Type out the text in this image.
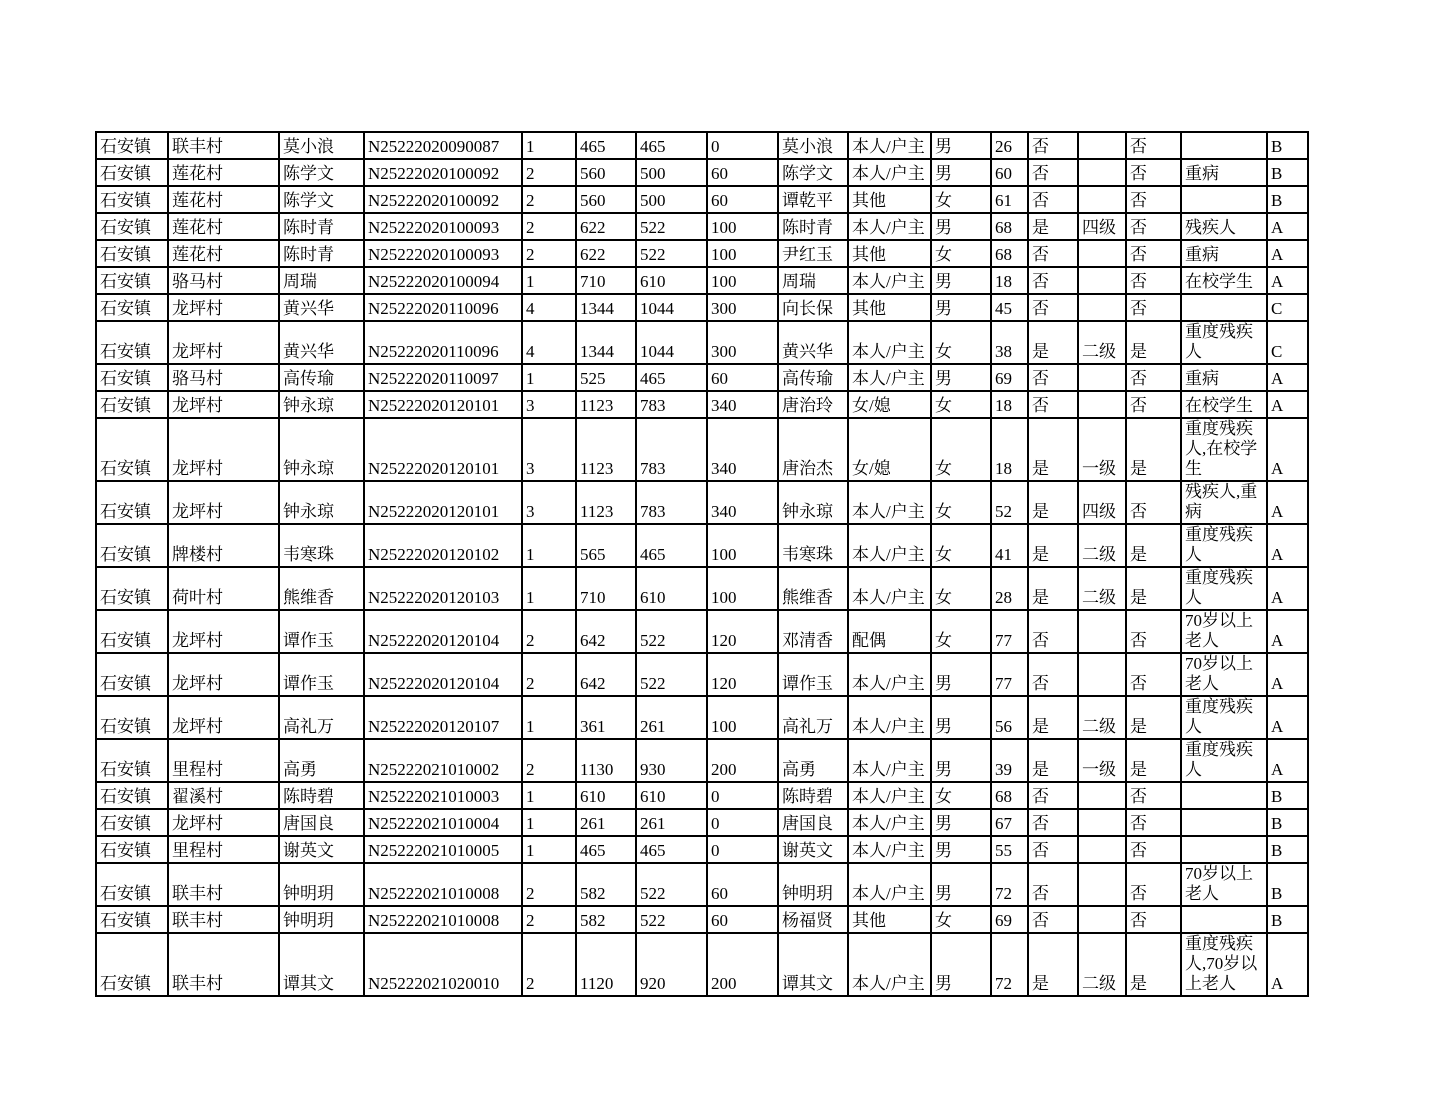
石安镇	联丰村	莫小浪	N25222020090087	1	465	465	0	莫小浪	本人/户主	男	26	否		否		B
石安镇	莲花村	陈学文	N25222020100092	2	560	500	60	陈学文	本人/户主	男	60	否		否	重病	B
石安镇	莲花村	陈学文	N25222020100092	2	560	500	60	谭乾平	其他	女	61	否		否		B
石安镇	莲花村	陈时青	N25222020100093	2	622	522	100	陈时青	本人/户主	男	68	是	四级	否	残疾人	A
石安镇	莲花村	陈时青	N25222020100093	2	622	522	100	尹红玉	其他	女	68	否		否	重病	A
石安镇	骆马村	周瑞	N25222020100094	1	710	610	100	周瑞	本人/户主	男	18	否		否	在校学生	A
石安镇	龙坪村	黄兴华	N25222020110096	4	1344	1044	300	向长保	其他	男	45	否		否		C
石安镇	龙坪村	黄兴华	N25222020110096	4	1344	1044	300	黄兴华	本人/户主	女	38	是	二级	是	重度残疾人	C
石安镇	骆马村	高传瑜	N25222020110097	1	525	465	60	高传瑜	本人/户主	男	69	否		否	重病	A
石安镇	龙坪村	钟永琼	N25222020120101	3	1123	783	340	唐治玲	女/媳	女	18	否		否	在校学生	A
石安镇	龙坪村	钟永琼	N25222020120101	3	1123	783	340	唐治杰	女/媳	女	18	是	一级	是	重度残疾人,在校学生	A
石安镇	龙坪村	钟永琼	N25222020120101	3	1123	783	340	钟永琼	本人/户主	女	52	是	四级	否	残疾人,重病	A
石安镇	牌楼村	韦寒珠	N25222020120102	1	565	465	100	韦寒珠	本人/户主	女	41	是	二级	是	重度残疾人	A
石安镇	荷叶村	熊维香	N25222020120103	1	710	610	100	熊维香	本人/户主	女	28	是	二级	是	重度残疾人	A
石安镇	龙坪村	谭作玉	N25222020120104	2	642	522	120	邓清香	配偶	女	77	否		否	70岁以上老人	A
石安镇	龙坪村	谭作玉	N25222020120104	2	642	522	120	谭作玉	本人/户主	男	77	否		否	70岁以上老人	A
石安镇	龙坪村	高礼万	N25222020120107	1	361	261	100	高礼万	本人/户主	男	56	是	二级	是	重度残疾人	A
石安镇	里程村	高勇	N25222021010002	2	1130	930	200	高勇	本人/户主	男	39	是	一级	是	重度残疾人	A
石安镇	翟溪村	陈時碧	N25222021010003	1	610	610	0	陈時碧	本人/户主	女	68	否		否		B
石安镇	龙坪村	唐国良	N25222021010004	1	261	261	0	唐国良	本人/户主	男	67	否		否		B
石安镇	里程村	谢英文	N25222021010005	1	465	465	0	谢英文	本人/户主	男	55	否		否		B
石安镇	联丰村	钟明玥	N25222021010008	2	582	522	60	钟明玥	本人/户主	男	72	否		否	70岁以上老人	B
石安镇	联丰村	钟明玥	N25222021010008	2	582	522	60	杨福贤	其他	女	69	否		否		B
石安镇	联丰村	谭其文	N25222021020010	2	1120	920	200	谭其文	本人/户主	男	72	是	二级	是	重度残疾人,70岁以上老人	A
